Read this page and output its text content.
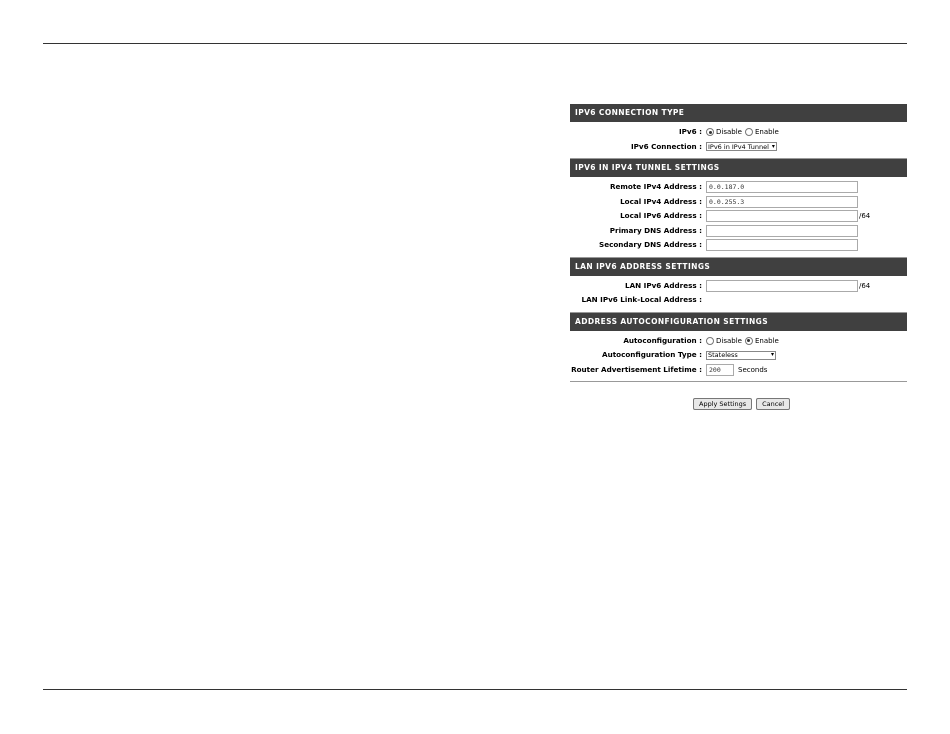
IPV6 CONNECTION TYPE
IPv6 : Disable Enable
IPv6 Connection : IPv6 in IPv4 Tunnel ▾
IPV6 IN IPV4 TUNNEL SETTINGS
Remote IPv4 Address :	0.0.187.0
Local IPv4 Address :	0.0.255.3
Local IPv6 Address :	/64
Primary DNS Address :
Secondary DNS Address :
LAN IPV6 ADDRESS SETTINGS
LAN IPv6 Address :	/64
LAN IPv6 Link-Local Address :
ADDRESS AUTOCONFIGURATION SETTINGS
Autoconfiguration : Disable Enable
Autoconfiguration Type : Stateless	▾
Router Advertisement Lifetime :	200	Seconds
Apply Settings	Cancel
